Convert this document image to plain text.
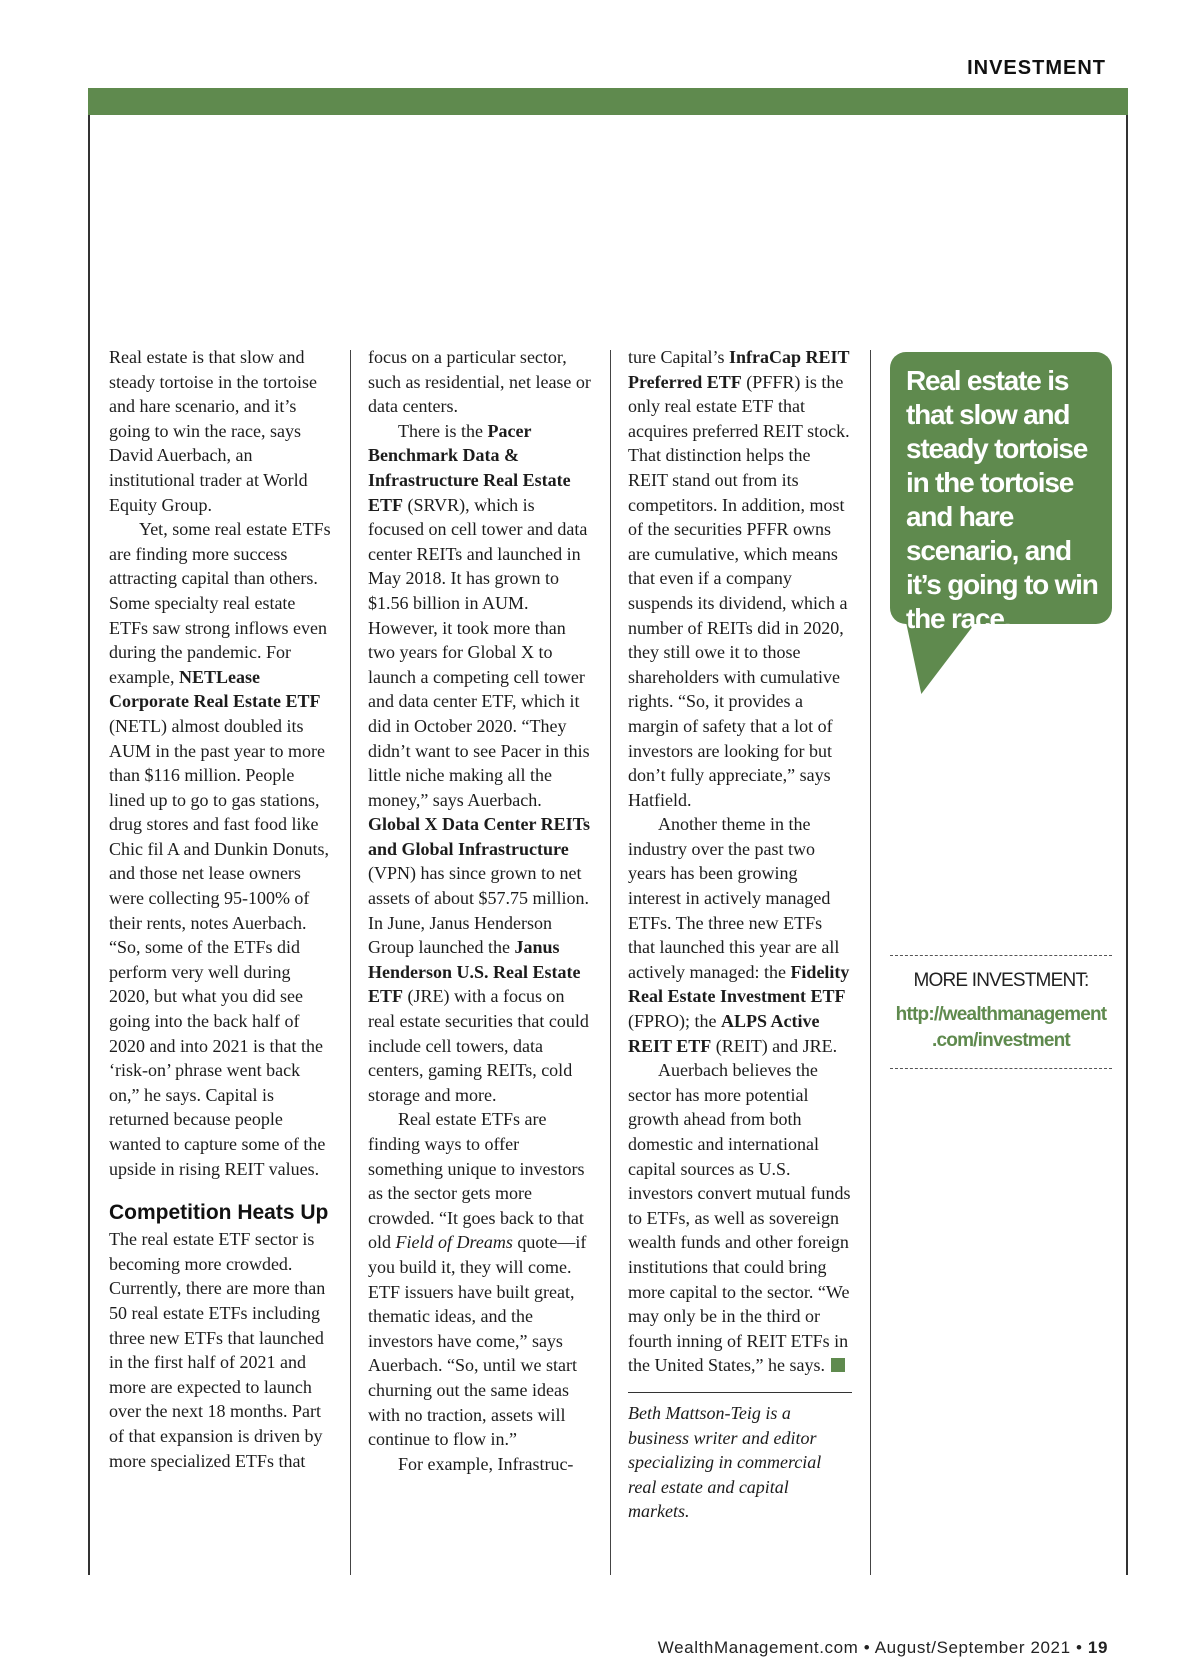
INVESTMENT

Real estate is that slow and steady tortoise in the tortoise and hare scenario, and it’s going to win the race, says David Auerbach, an institutional trader at World Equity Group.

Yet, some real estate ETFs are finding more success attracting capital than others. Some specialty real estate ETFs saw strong inflows even during the pandemic. For example, NETLease Corporate Real Estate ETF (NETL) almost doubled its AUM in the past year to more than $116 million. People lined up to go to gas stations, drug stores and fast food like Chic fil A and Dunkin Donuts, and those net lease owners were collecting 95-100% of their rents, notes Auerbach. “So, some of the ETFs did perform very well during 2020, but what you did see going into the back half of 2020 and into 2021 is that the ‘risk-on’ phrase went back on,” he says. Capital is returned because people wanted to capture some of the upside in rising REIT values.

Competition Heats Up

The real estate ETF sector is becoming more crowded. Currently, there are more than 50 real estate ETFs including three new ETFs that launched in the first half of 2021 and more are expected to launch over the next 18 months. Part of that expansion is driven by more specialized ETFs that

focus on a particular sector, such as residential, net lease or data centers.

There is the Pacer Benchmark Data & Infrastructure Real Estate ETF (SRVR), which is focused on cell tower and data center REITs and launched in May 2018. It has grown to $1.56 billion in AUM. However, it took more than two years for Global X to launch a competing cell tower and data center ETF, which it did in October 2020. “They didn’t want to see Pacer in this little niche making all the money,” says Auerbach. Global X Data Center REITs and Global Infrastructure (VPN) has since grown to net assets of about $57.75 million. In June, Janus Henderson Group launched the Janus Henderson U.S. Real Estate ETF (JRE) with a focus on real estate securities that could include cell towers, data centers, gaming REITs, cold storage and more.

Real estate ETFs are finding ways to offer something unique to investors as the sector gets more crowded. “It goes back to that old Field of Dreams quote—if you build it, they will come. ETF issuers have built great, thematic ideas, and the investors have come,” says Auerbach. “So, until we start churning out the same ideas with no traction, assets will continue to flow in.”

For example, Infrastruc-

ture Capital’s InfraCap REIT Preferred ETF (PFFR) is the only real estate ETF that acquires preferred REIT stock. That distinction helps the REIT stand out from its competitors. In addition, most of the securities PFFR owns are cumulative, which means that even if a company suspends its dividend, which a number of REITs did in 2020, they still owe it to those shareholders with cumulative rights. “So, it provides a margin of safety that a lot of investors are looking for but don’t fully appreciate,” says Hatfield.

Another theme in the industry over the past two years has been growing interest in actively managed ETFs. The three new ETFs that launched this year are all actively managed: the Fidelity Real Estate Investment ETF (FPRO); the ALPS Active REIT ETF (REIT) and JRE.

Auerbach believes the sector has more potential growth ahead from both domestic and international capital sources as U.S. investors convert mutual funds to ETFs, as well as sovereign wealth funds and other foreign institutions that could bring more capital to the sector. “We may only be in the third or fourth inning of REIT ETFs in the United States,” he says.

Beth Mattson-Teig is a business writer and editor specializing in commercial real estate and capital markets.

Real estate is that slow and steady tortoise in the tortoise and hare scenario, and it’s going to win the race.
MORE INVESTMENT:
http://wealthmanagement
.com/investment
WealthManagement.com • August/September 2021 • 19
